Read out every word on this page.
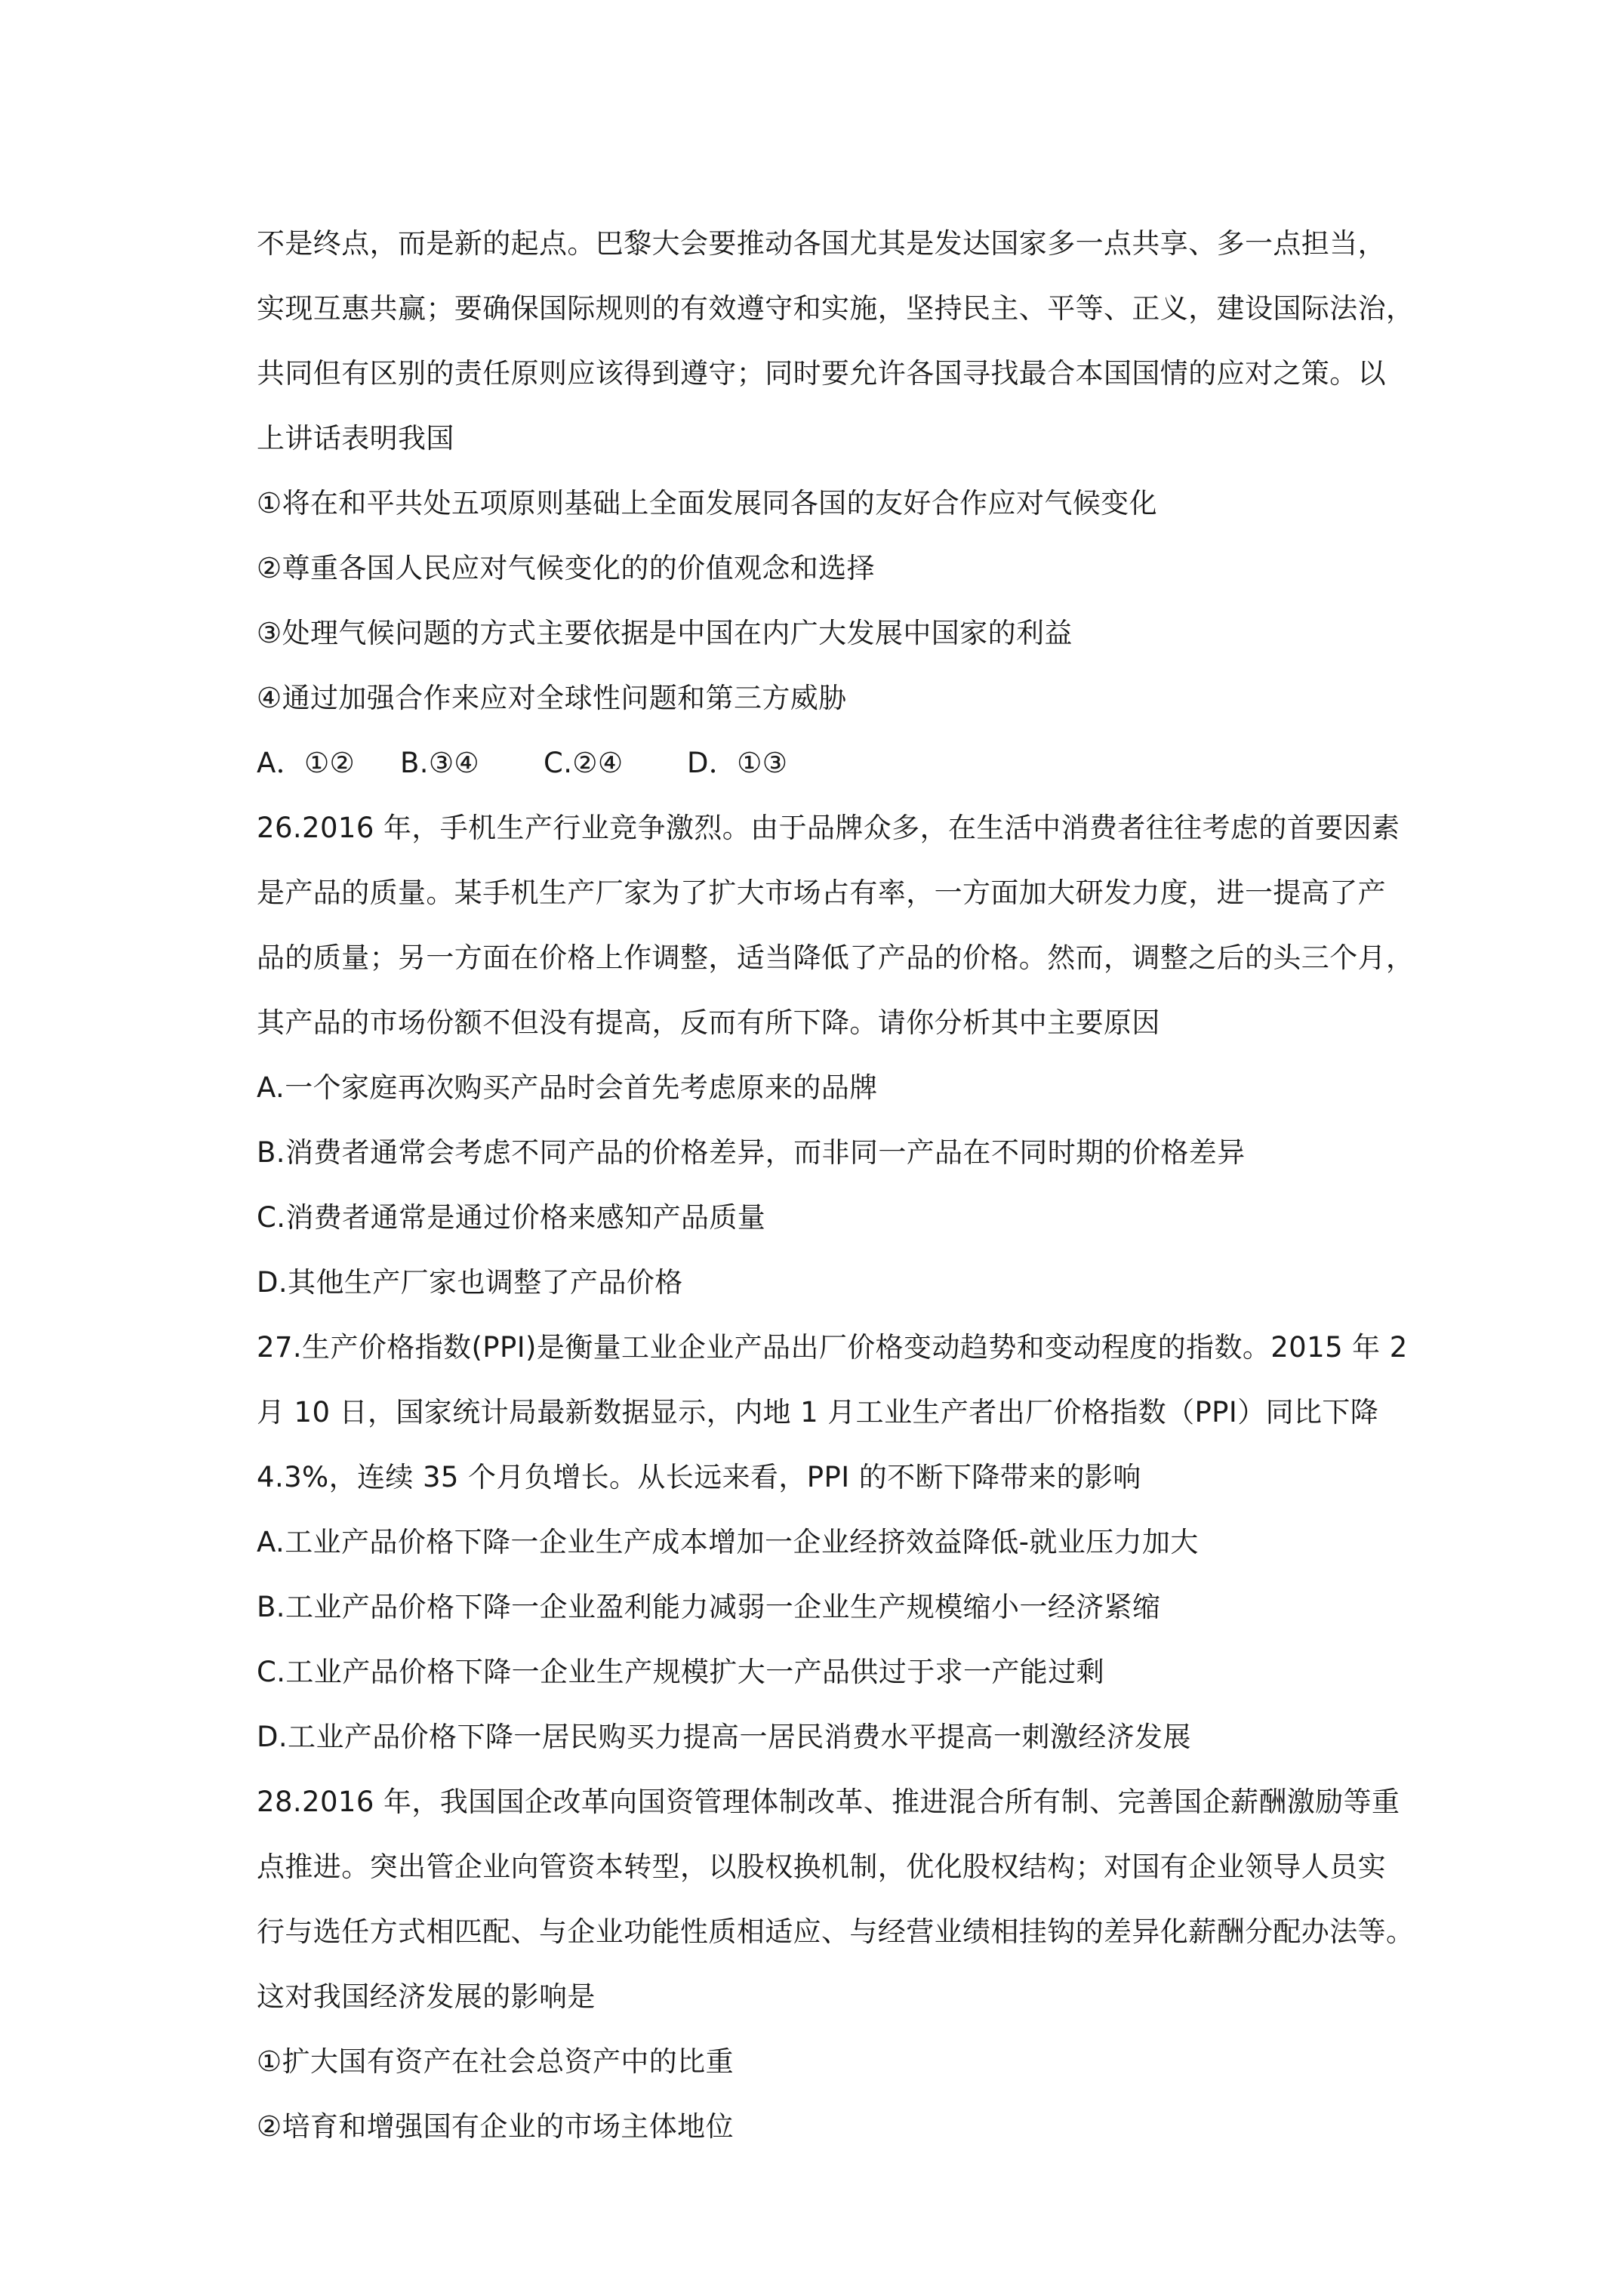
不是终点，而是新的起点。巴黎大会要推动各国尤其是发达国家多一点共享、多一点担当，
实现互惠共赢；要确保国际规则的有效遵守和实施，坚持民主、平等、正义，建设国际法治，
共同但有区别的责任原则应该得到遵守；同时要允许各国寻找最合本国国情的应对之策。以
上讲话表明我国
①将在和平共处五项原则基础上全面发展同各国的友好合作应对气候变化
②尊重各国人民应对气候变化的的价值观念和选择
③处理气候问题的方式主要依据是中国在内广大发展中国家的利益
④通过加强合作来应对全球性问题和第三方威胁
A．①②	B.③④	C.②④	D．①③
26.2016 年，手机生产行业竞争激烈。由于品牌众多，在生活中消费者往往考虑的首要因素
是产品的质量。某手机生产厂家为了扩大市场占有率，一方面加大研发力度，进一提高了产
品的质量；另一方面在价格上作调整，适当降低了产品的价格。然而，调整之后的头三个月，
其产品的市场份额不但没有提高，反而有所下降。请你分析其中主要原因
A.一个家庭再次购买产品时会首先考虑原来的品牌
B.消费者通常会考虑不同产品的价格差异，而非同一产品在不同时期的价格差异
C.消费者通常是通过价格来感知产品质量
D.其他生产厂家也调整了产品价格
27.生产价格指数(PPI)是衡量工业企业产品出厂价格变动趋势和变动程度的指数。2015 年 2
月 10 日，国家统计局最新数据显示，内地 1 月工业生产者出厂价格指数（PPI）同比下降
4.3%，连续 35 个月负增长。从长远来看，PPI 的不断下降带来的影响
A.工业产品价格下降一企业生产成本增加一企业经挤效益降低-就业压力加大
B.工业产品价格下降一企业盈利能力减弱一企业生产规模缩小一经济紧缩
C.工业产品价格下降一企业生产规模扩大一产品供过于求一产能过剩
D.工业产品价格下降一居民购买力提高一居民消费水平提高一刺激经济发展
28.2016 年，我国国企改革向国资管理体制改革、推进混合所有制、完善国企薪酬激励等重
点推进。突出管企业向管资本转型，以股权换机制，优化股权结构；对国有企业领导人员实
行与选任方式相匹配、与企业功能性质相适应、与经营业绩相挂钩的差异化薪酬分配办法等。
这对我国经济发展的影响是
①扩大国有资产在社会总资产中的比重
②培育和增强国有企业的市场主体地位
